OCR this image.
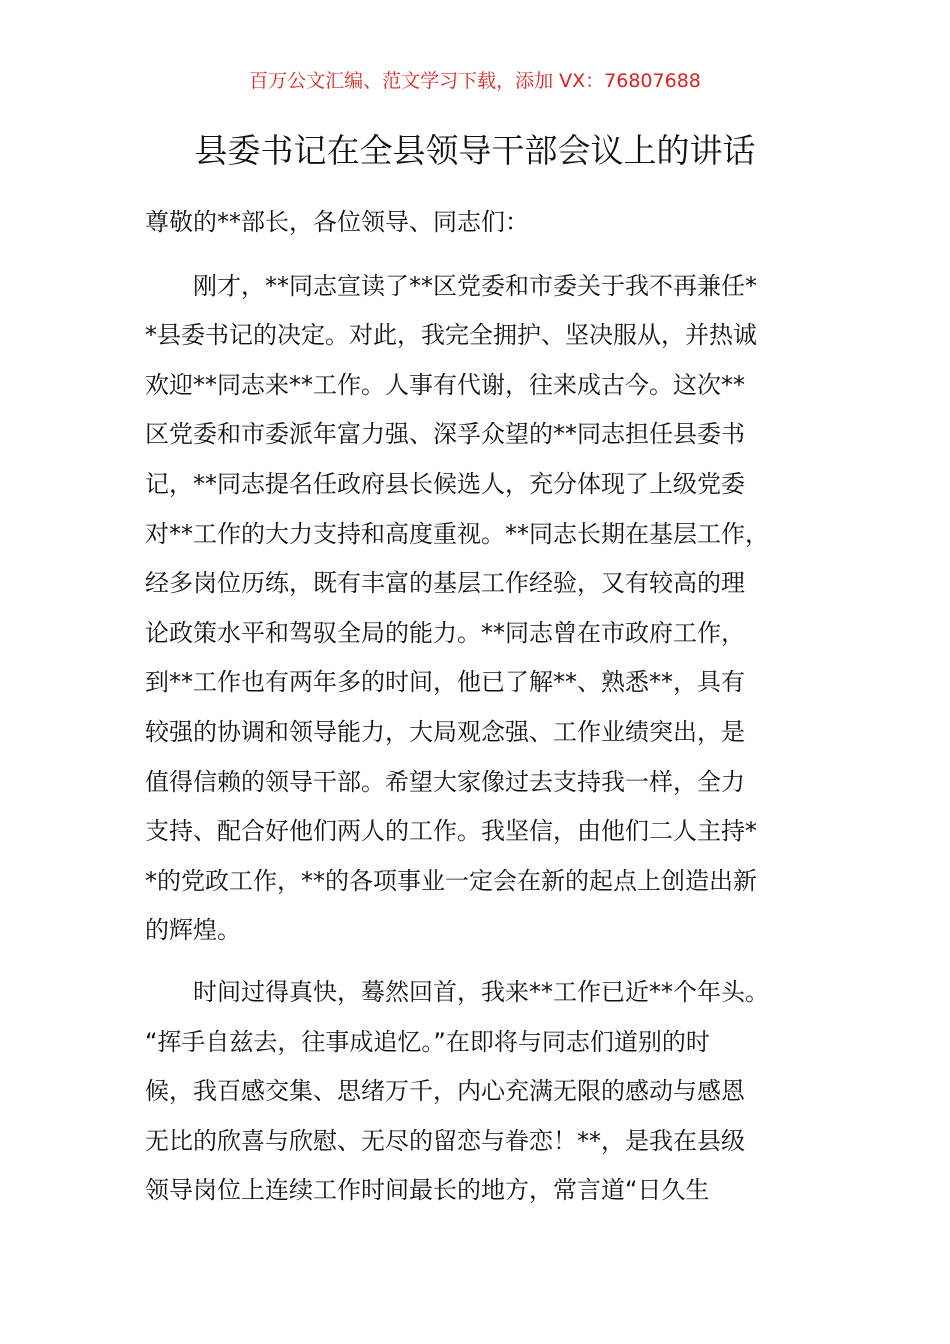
百万公文汇编、范文学习下载，添加 VX：76807688
县委书记在全县领导干部会议上的讲话
尊敬的**部长，各位领导、同志们：
刚才，**同志宣读了**区党委和市委关于我不再兼任*
*县委书记的决定。对此，我完全拥护、坚决服从，并热诚
欢迎**同志来**工作。人事有代谢，往来成古今。这次**
区党委和市委派年富力强、深孚众望的**同志担任县委书
记，**同志提名任政府县长候选人，充分体现了上级党委
对**工作的大力支持和高度重视。**同志长期在基层工作，
经多岗位历练，既有丰富的基层工作经验，又有较高的理
论政策水平和驾驭全局的能力。**同志曾在市政府工作，
到**工作也有两年多的时间，他已了解**、熟悉**，具有
较强的协调和领导能力，大局观念强、工作业绩突出，是
值得信赖的领导干部。希望大家像过去支持我一样，全力
支持、配合好他们两人的工作。我坚信，由他们二人主持*
*的党政工作，**的各项事业一定会在新的起点上创造出新
的辉煌。
时间过得真快，蓦然回首，我来**工作已近**个年头。
“挥手自兹去，往事成追忆。”在即将与同志们道别的时
候，我百感交集、思绪万千，内心充满无限的感动与感恩
无比的欣喜与欣慰、无尽的留恋与眷恋！**，是我在县级
领导岗位上连续工作时间最长的地方，常言道“日久生
